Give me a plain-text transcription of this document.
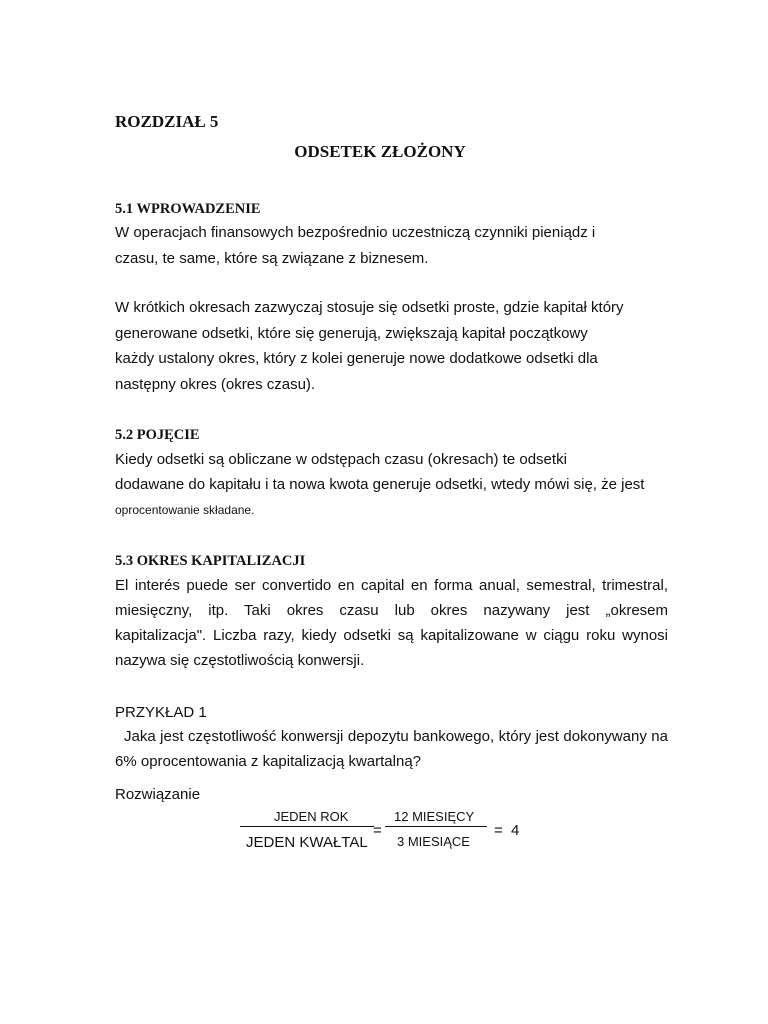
ROZDZIAŁ 5
ODSETEK ZŁOŻONY
5.1 WPROWADZENIE
W operacjach finansowych bezpośrednio uczestniczą czynniki pieniądz i
czasu, te same, które są związane z biznesem.
W krótkich okresach zazwyczaj stosuje się odsetki proste, gdzie kapitał który
generowane odsetki, które się generują, zwiększają kapitał początkowy
każdy ustalony okres, który z kolei generuje nowe dodatkowe odsetki dla
następny okres (okres czasu).
5.2 POJĘCIE
Kiedy odsetki są obliczane w odstępach czasu (okresach) te odsetki
dodawane do kapitału i ta nowa kwota generuje odsetki, wtedy mówi się, że jest
oprocentowanie składane.
5.3 OKRES KAPITALIZACJI
El interés puede ser convertido en capital en forma anual, semestral, trimestral,
miesięczny, itp. Taki okres czasu lub okres nazywany jest „okresem
kapitalizacja". Liczba razy, kiedy odsetki są kapitalizowane w ciągu roku wynosi
nazywa się częstotliwością konwersji.
PRZYKŁAD 1
Jaka jest częstotliwość konwersji depozytu bankowego, który jest dokonywany na
6% oprocentowania z kapitalizacją kwartalną?
Rozwiązanie
JEDEN ROK
JEDEN KWAŁTAL
=
12 MIESIĘCY
3 MIESIĄCE
= 4
